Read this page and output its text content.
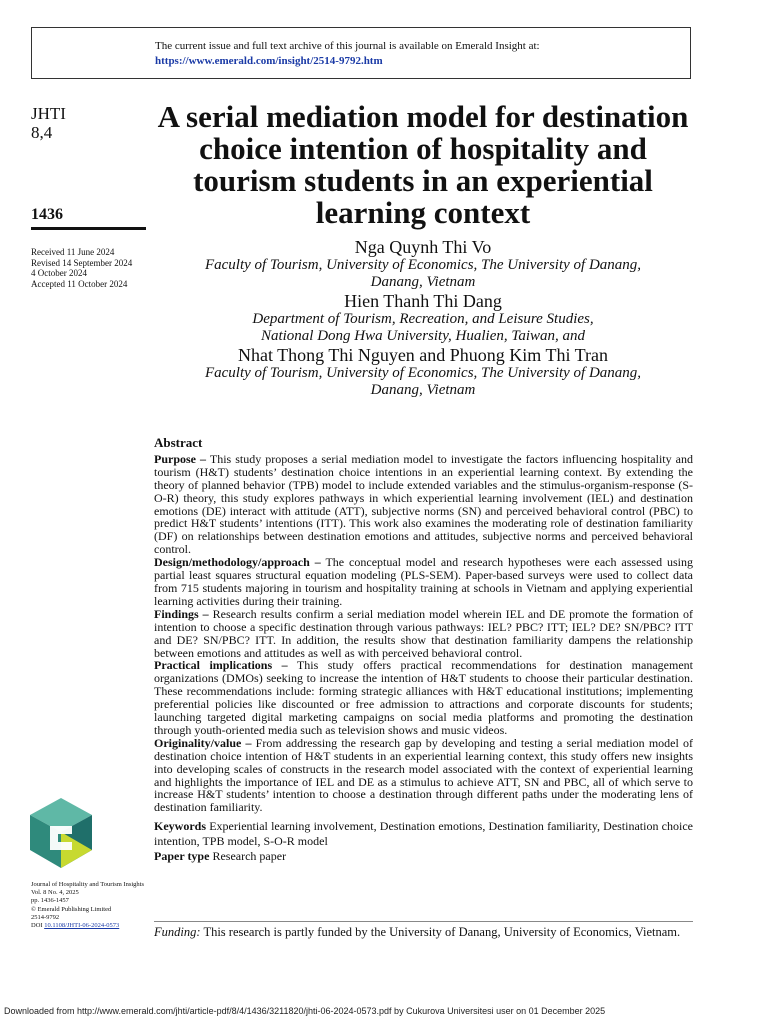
The current issue and full text archive of this journal is available on Emerald Insight at:
https://www.emerald.com/insight/2514-9792.htm
JHTI
8,4
1436
Received 11 June 2024
Revised 14 September 2024
4 October 2024
Accepted 11 October 2024
A serial mediation model for destination choice intention of hospitality and tourism students in an experiential learning context
Nga Quynh Thi Vo
Faculty of Tourism, University of Economics, The University of Danang,
Danang, Vietnam
Hien Thanh Thi Dang
Department of Tourism, Recreation, and Leisure Studies,
National Dong Hwa University, Hualien, Taiwan, and
Nhat Thong Thi Nguyen and Phuong Kim Thi Tran
Faculty of Tourism, University of Economics, The University of Danang,
Danang, Vietnam
Abstract
Purpose – This study proposes a serial mediation model to investigate the factors influencing hospitality and tourism (H&T) students’ destination choice intentions in an experiential learning context. By extending the theory of planned behavior (TPB) model to include extended variables and the stimulus-organism-response (S-O-R) theory, this study explores pathways in which experiential learning involvement (IEL) and destination emotions (DE) interact with attitude (ATT), subjective norms (SN) and perceived behavioral control (PBC) to predict H&T students’ intentions (ITT). This work also examines the moderating role of destination familiarity (DF) on relationships between destination emotions and attitudes, subjective norms and perceived behavioral control.
Design/methodology/approach – The conceptual model and research hypotheses were each assessed using partial least squares structural equation modeling (PLS-SEM). Paper-based surveys were used to collect data from 715 students majoring in tourism and hospitality training at schools in Vietnam and applying experiential learning activities during their training.
Findings – Research results confirm a serial mediation model wherein IEL and DE promote the formation of intention to choose a specific destination through various pathways: IEL? PBC? ITT; IEL? DE? SN/PBC? ITT and DE? SN/PBC? ITT. In addition, the results show that destination familiarity dampens the relationship between emotions and attitudes as well as with perceived behavioral control.
Practical implications – This study offers practical recommendations for destination management organizations (DMOs) seeking to increase the intention of H&T students to choose their particular destination. These recommendations include: forming strategic alliances with H&T educational institutions; implementing preferential policies like discounted or free admission to attractions and corporate discounts for students; launching targeted digital marketing campaigns on social media platforms and promoting the destination through youth-oriented media such as television shows and music videos.
Originality/value – From addressing the research gap by developing and testing a serial mediation model of destination choice intention of H&T students in an experiential learning context, this study offers new insights into developing scales of constructs in the research model associated with the context of experiential learning and highlights the importance of IEL and DE as a stimulus to achieve ATT, SN and PBC, all of which serve to increase H&T students’ intention to choose a destination through different paths under the moderating lens of destination familiarity.
Keywords Experiential learning involvement, Destination emotions, Destination familiarity, Destination choice intention, TPB model, S-O-R model
Paper type Research paper
Journal of Hospitality and Tourism Insights
Vol. 8 No. 4, 2025
pp. 1436-1457
© Emerald Publishing Limited
2514-9792
DOI 10.1108/JHTI-06-2024-0573	Funding: This research is partly funded by the University of Danang, University of Economics, Vietnam.
Downloaded from http://www.emerald.com/jhti/article-pdf/8/4/1436/3211820/jhti-06-2024-0573.pdf by Cukurova Universitesi user on 01 December 2025
